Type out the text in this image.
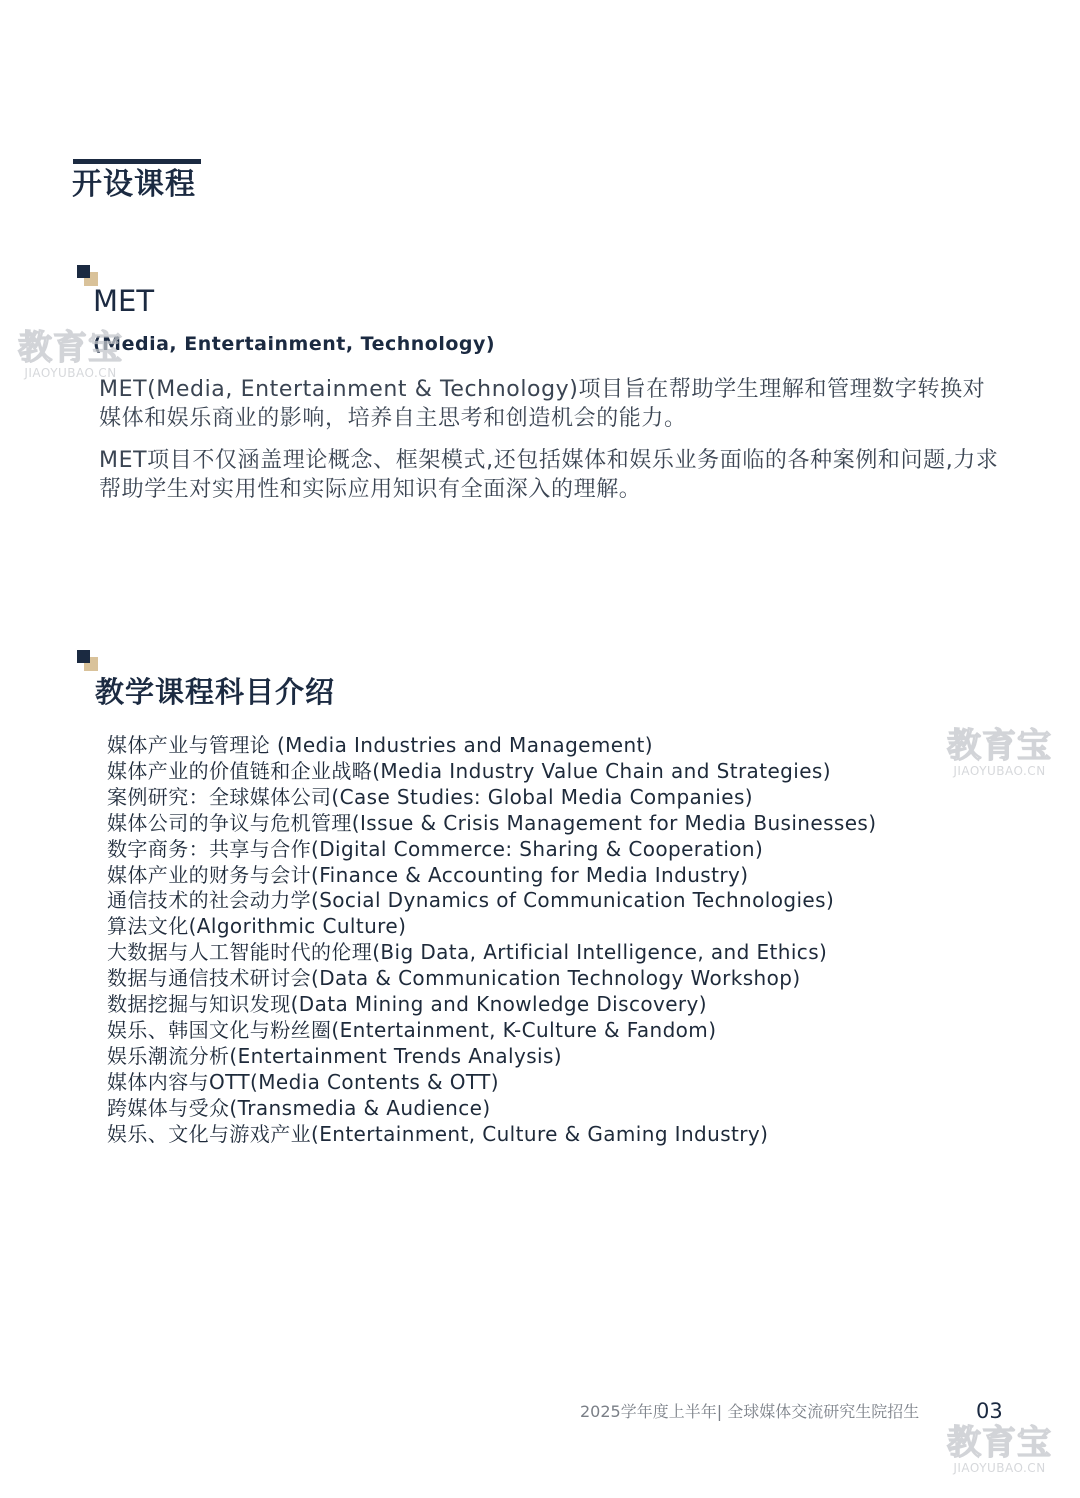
开设课程
MET
(Media, Entertainment, Technology)

MET(Media, Entertainment & Technology)项目旨在帮助学生理解和管理数字转换对媒体和娱乐商业的影响，培养自主思考和创造机会的能力。

MET项目不仅涵盖理论概念、框架模式,还包括媒体和娱乐业务面临的各种案例和问题,力求帮助学生对实用性和实际应用知识有全面深入的理解。

教学课程科目介绍
媒体产业与管理论 (Media Industries and Management)
媒体产业的价值链和企业战略(Media Industry Value Chain and Strategies)
案例研究：全球媒体公司(Case Studies: Global Media Companies)
媒体公司的争议与危机管理(Issue & Crisis Management for Media Businesses)
数字商务：共享与合作(Digital Commerce: Sharing & Cooperation)
媒体产业的财务与会计(Finance & Accounting for Media Industry)
通信技术的社会动力学(Social Dynamics of Communication Technologies)
算法文化(Algorithmic Culture)
大数据与人工智能时代的伦理(Big Data, Artificial Intelligence, and Ethics)
数据与通信技术研讨会(Data & Communication Technology Workshop)
数据挖掘与知识发现(Data Mining and Knowledge Discovery)
娱乐、韩国文化与粉丝圈(Entertainment, K-Culture & Fandom)
娱乐潮流分析(Entertainment Trends Analysis)
媒体内容与OTT(Media Contents & OTT)
跨媒体与受众(Transmedia & Audience)
娱乐、文化与游戏产业(Entertainment, Culture & Gaming Industry)
2025学年度上半年| 全球媒体交流研究生院招生	03
教育宝
JIAOYUBAO.CN
教育宝
JIAOYUBAO.CN
教育宝
JIAOYUBAO.CN
